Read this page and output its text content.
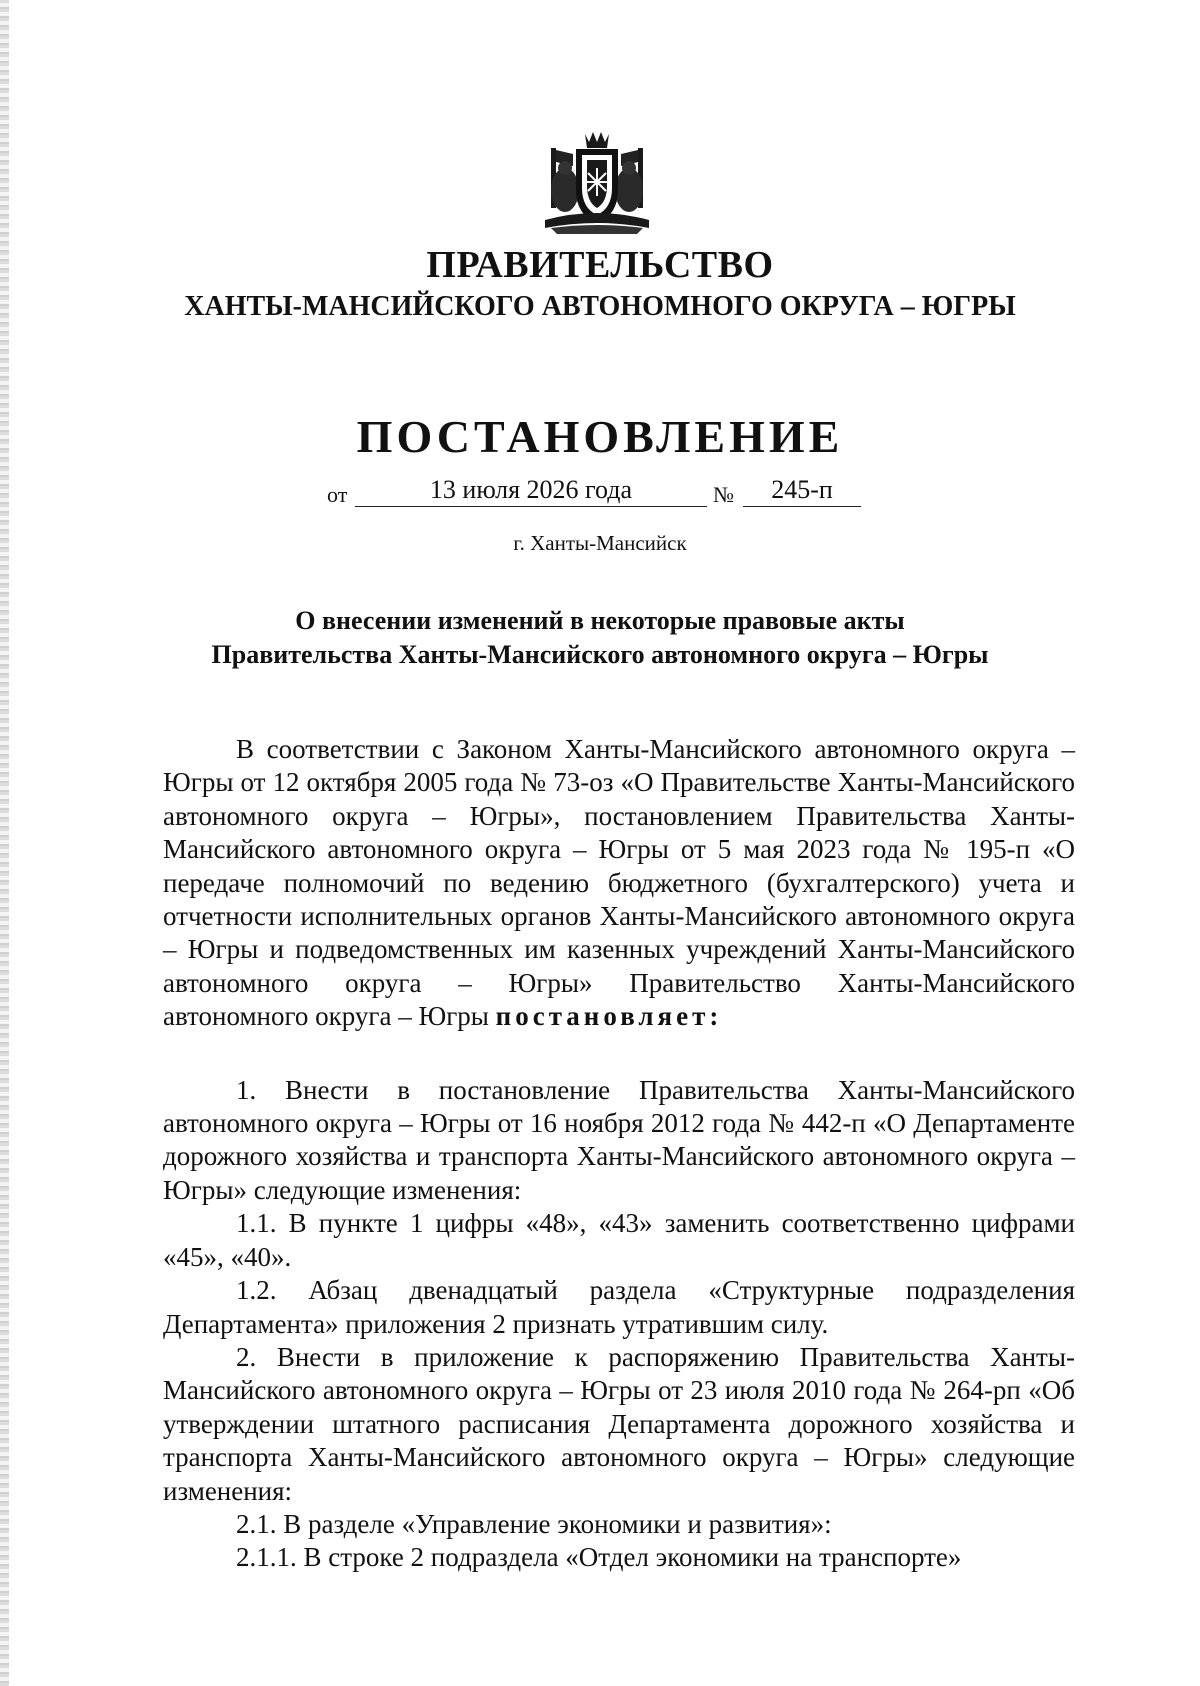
ПРАВИТЕЛЬСТВО
ХАНТЫ-МАНСИЙСКОГО АВТОНОМНОГО ОКРУГА – ЮГРЫ
ПОСТАНОВЛЕНИЕ
от	13 июля 2026 года	№	245-п
г. Ханты-Мансийск
О внесении изменений в некоторые правовые акты
Правительства Ханты-Мансийского автономного округа – Югры

В соответствии с Законом Ханты-Мансийского автономного округа – Югры от 12 октября 2005 года № 73-оз «О Правительстве Ханты-Мансийского автономного округа – Югры», постановлением Правительства Ханты-Мансийского автономного округа – Югры от 5 мая 2023 года № 195-п «О передаче полномочий по ведению бюджетного (бухгалтерского) учета и отчетности исполнительных органов Ханты-Мансийского автономного округа – Югры и подведомственных им казенных учреждений Ханты-Мансийского автономного округа – Югры» Правительство Ханты-Мансийского автономного округа – Югры постановляет:

1. Внести в постановление Правительства Ханты-Мансийского автономного округа – Югры от 16 ноября 2012 года № 442-п «О Департаменте дорожного хозяйства и транспорта Ханты-Мансийского автономного округа – Югры» следующие изменения:

1.1. В пункте 1 цифры «48», «43» заменить соответственно цифрами «45», «40».

1.2. Абзац двенадцатый раздела «Структурные подразделения Департамента» приложения 2 признать утратившим силу.

2. Внести в приложение к распоряжению Правительства Ханты-Мансийского автономного округа – Югры от 23 июля 2010 года № 264-рп «Об утверждении штатного расписания Департамента дорожного хозяйства и транспорта Ханты-Мансийского автономного округа – Югры» следующие изменения:

2.1. В разделе «Управление экономики и развития»:

2.1.1. В строке 2 подраздела «Отдел экономики на транспорте»
